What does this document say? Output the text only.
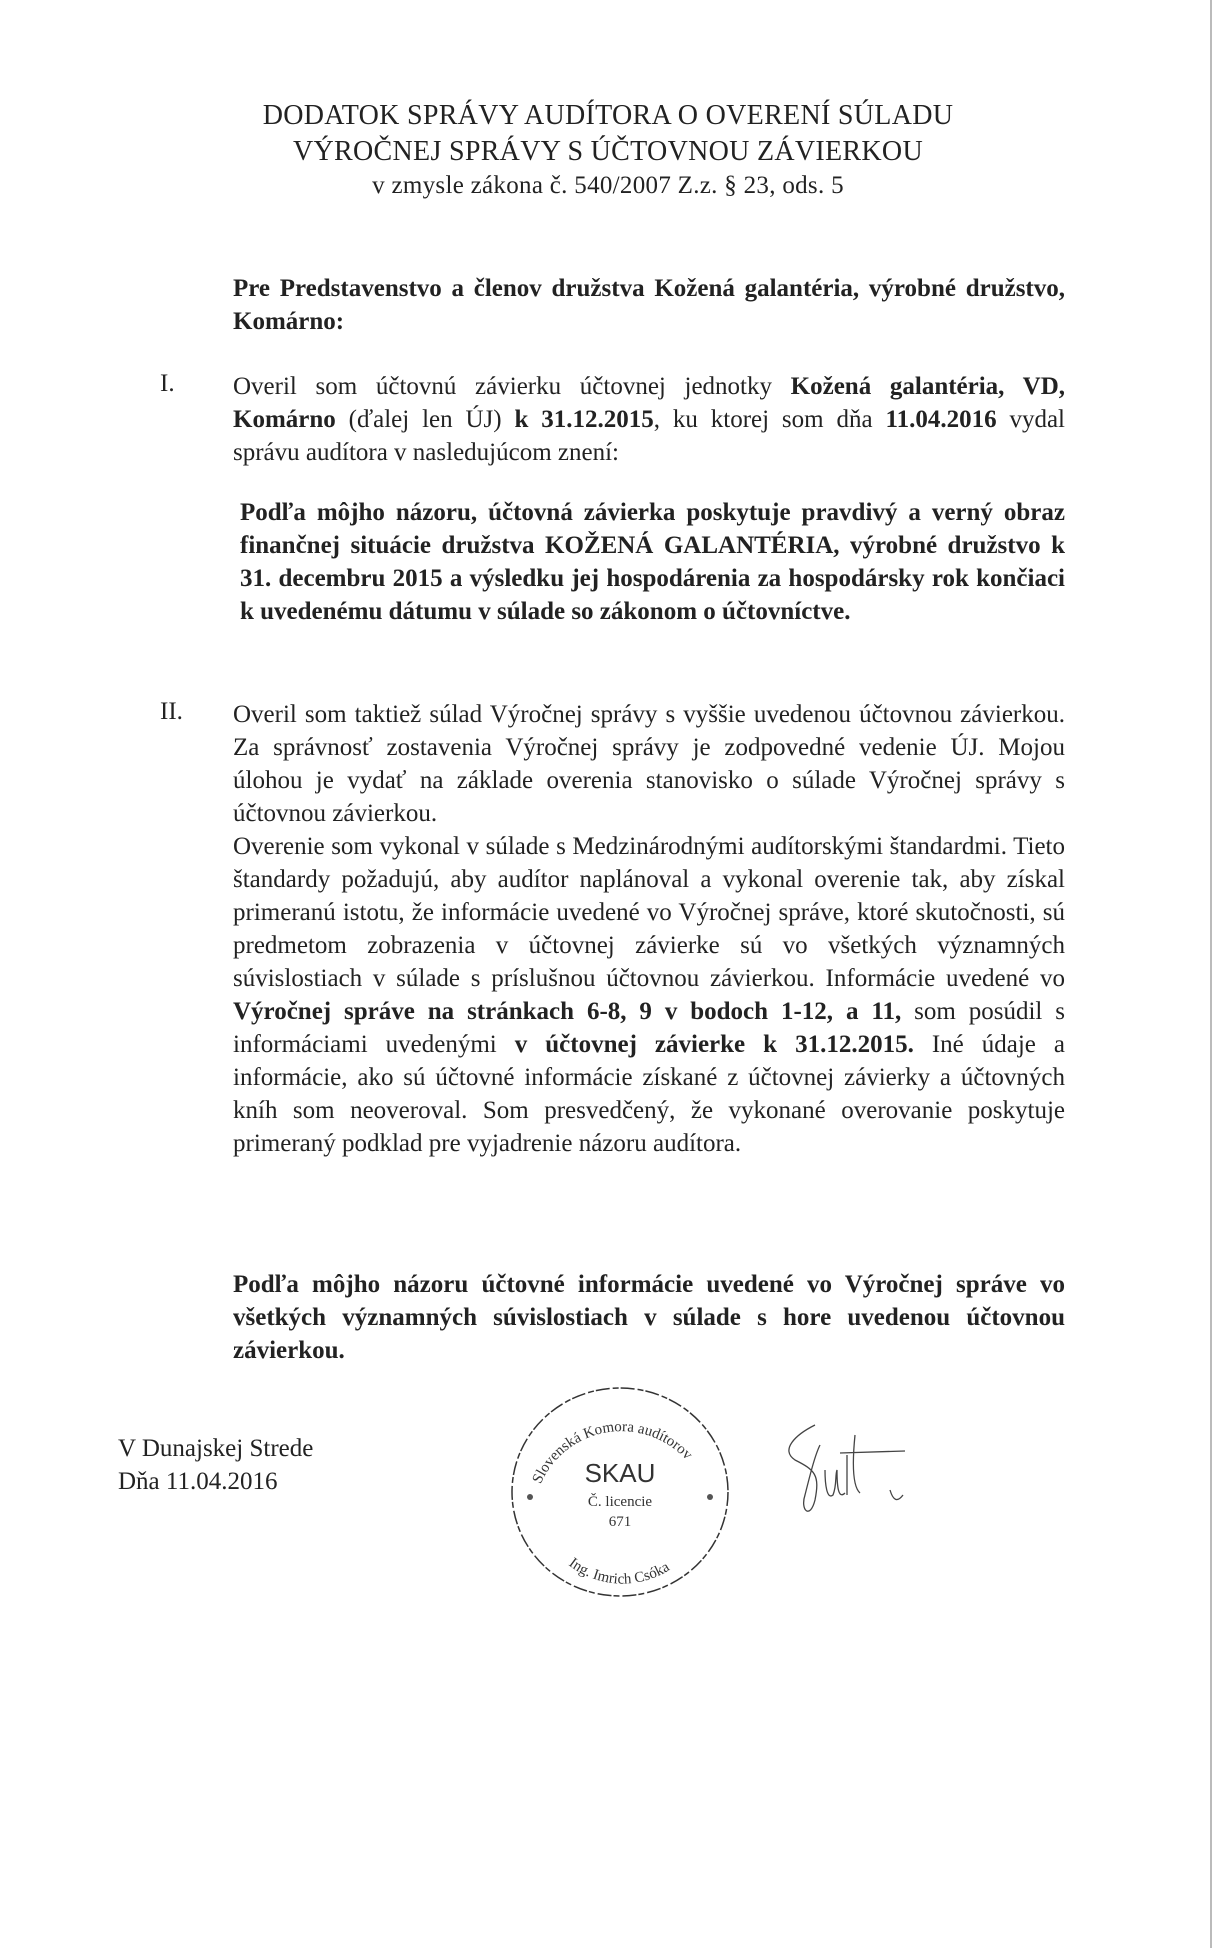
DODATOK SPRÁVY AUDÍTORA O OVERENÍ SÚLADU
VÝROČNEJ SPRÁVY S ÚČTOVNOU ZÁVIERKOU
v zmysle zákona č. 540/2007 Z.z. § 23, ods. 5
Pre Predstavenstvo a členov družstva Kožená galantéria, výrobné družstvo, Komárno:
I. Overil som účtovnú závierku účtovnej jednotky Kožená galantéria, VD, Komárno (ďalej len ÚJ) k 31.12.2015, ku ktorej som dňa 11.04.2016 vydal správu audítora v nasledujúcom znení:
Podľa môjho názoru, účtovná závierka poskytuje pravdivý a verný obraz finančnej situácie družstva KOŽENÁ GALANTÉRIA, výrobné družstvo k 31. decembru 2015 a výsledku jej hospodárenia za hospodársky rok končiaci k uvedenému dátumu v súlade so zákonom o účtovníctve.
II. Overil som taktiež súlad Výročnej správy s vyššie uvedenou účtovnou závierkou. Za správnosť zostavenia Výročnej správy je zodpovedné vedenie ÚJ. Mojou úlohou je vydať na základe overenia stanovisko o súlade Výročnej správy s účtovnou závierkou.
Overenie som vykonal v súlade s Medzinárodnými audítorskými štandardmi. Tieto štandardy požadujú, aby audítor naplánoval a vykonal overenie tak, aby získal primeranú istotu, že informácie uvedené vo Výročnej správe, ktoré skutočnosti, sú predmetom zobrazenia v účtovnej závierke sú vo všetkých významných súvislostiach v súlade s príslušnou účtovnou závierkou. Informácie uvedené vo Výročnej správe na stránkach 6-8, 9 v bodoch 1-12, a 11, som posúdil s informáciami uvedenými v účtovnej závierke k 31.12.2015. Iné údaje a informácie, ako sú účtovné informácie získané z účtovnej závierky a účtovných kníh som neoveroval. Som presvedčený, že vykonané overovanie poskytuje primeraný podklad pre vyjadrenie názoru audítora.
Podľa môjho názoru účtovné informácie uvedené vo Výročnej správe vo všetkých významných súvislostiach v súlade s hore uvedenou účtovnou závierkou.
V Dunajskej Strede
Dňa 11.04.2016	Slovenská Komora audítorov
Ing. Imrich Csóka
SKAU
Č. licencie
671
